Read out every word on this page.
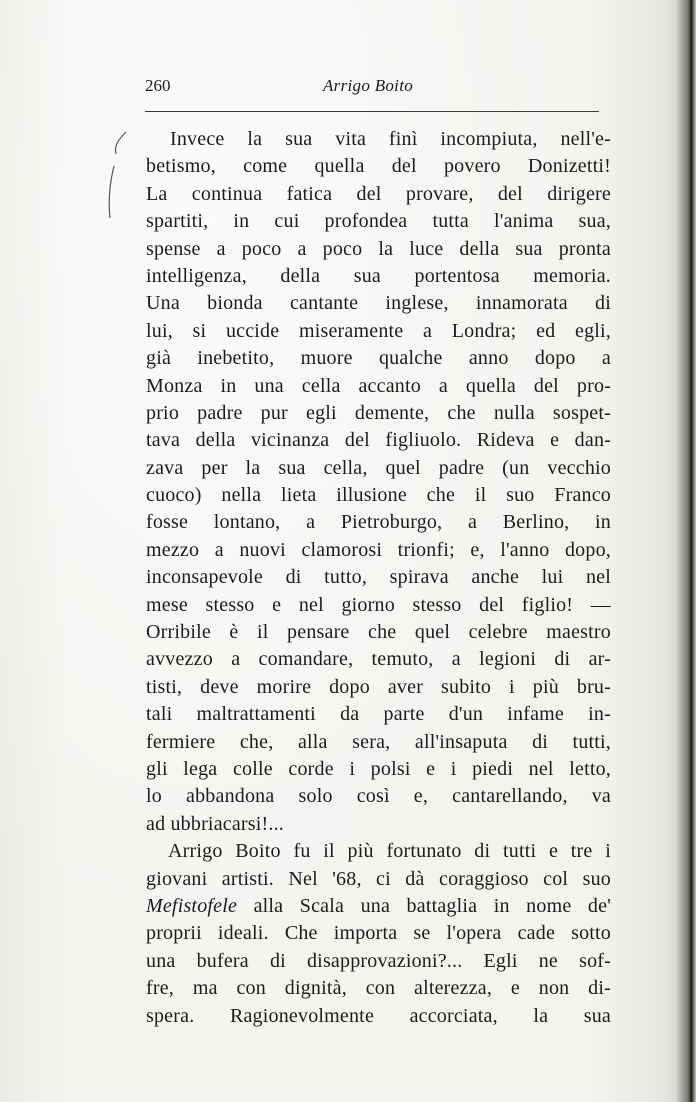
260	Arrigo Boito
Invece la sua vita finì incompiuta, nell'e-
betismo, come quella del povero Donizetti!
La continua fatica del provare, del dirigere
spartiti, in cui profondea tutta l'anima sua,
spense a poco a poco la luce della sua pronta
intelligenza, della sua portentosa memoria.
Una bionda cantante inglese, innamorata di
lui, si uccide miseramente a Londra; ed egli,
già inebetito, muore qualche anno dopo a
Monza in una cella accanto a quella del pro-
prio padre pur egli demente, che nulla sospet-
tava della vicinanza del figliuolo. Rideva e dan-
zava per la sua cella, quel padre (un vecchio
cuoco) nella lieta illusione che il suo Franco
fosse lontano, a Pietroburgo, a Berlino, in
mezzo a nuovi clamorosi trionfi; e, l'anno dopo,
inconsapevole di tutto, spirava anche lui nel
mese stesso e nel giorno stesso del figlio! —
Orribile è il pensare che quel celebre maestro
avvezzo a comandare, temuto, a legioni di ar-
tisti, deve morire dopo aver subito i più bru-
tali maltrattamenti da parte d'un infame in-
fermiere che, alla sera, all'insaputa di tutti,
gli lega colle corde i polsi e i piedi nel letto,
lo abbandona solo così e, cantarellando, va
ad ubbriacarsi!...
Arrigo Boito fu il più fortunato di tutti e tre i
giovani artisti. Nel '68, ci dà coraggioso col suo
Mefistofele alla Scala una battaglia in nome de'
proprii ideali. Che importa se l'opera cade sotto
una bufera di disapprovazioni?... Egli ne sof-
fre, ma con dignità, con alterezza, e non di-
spera. Ragionevolmente accorciata, la sua
